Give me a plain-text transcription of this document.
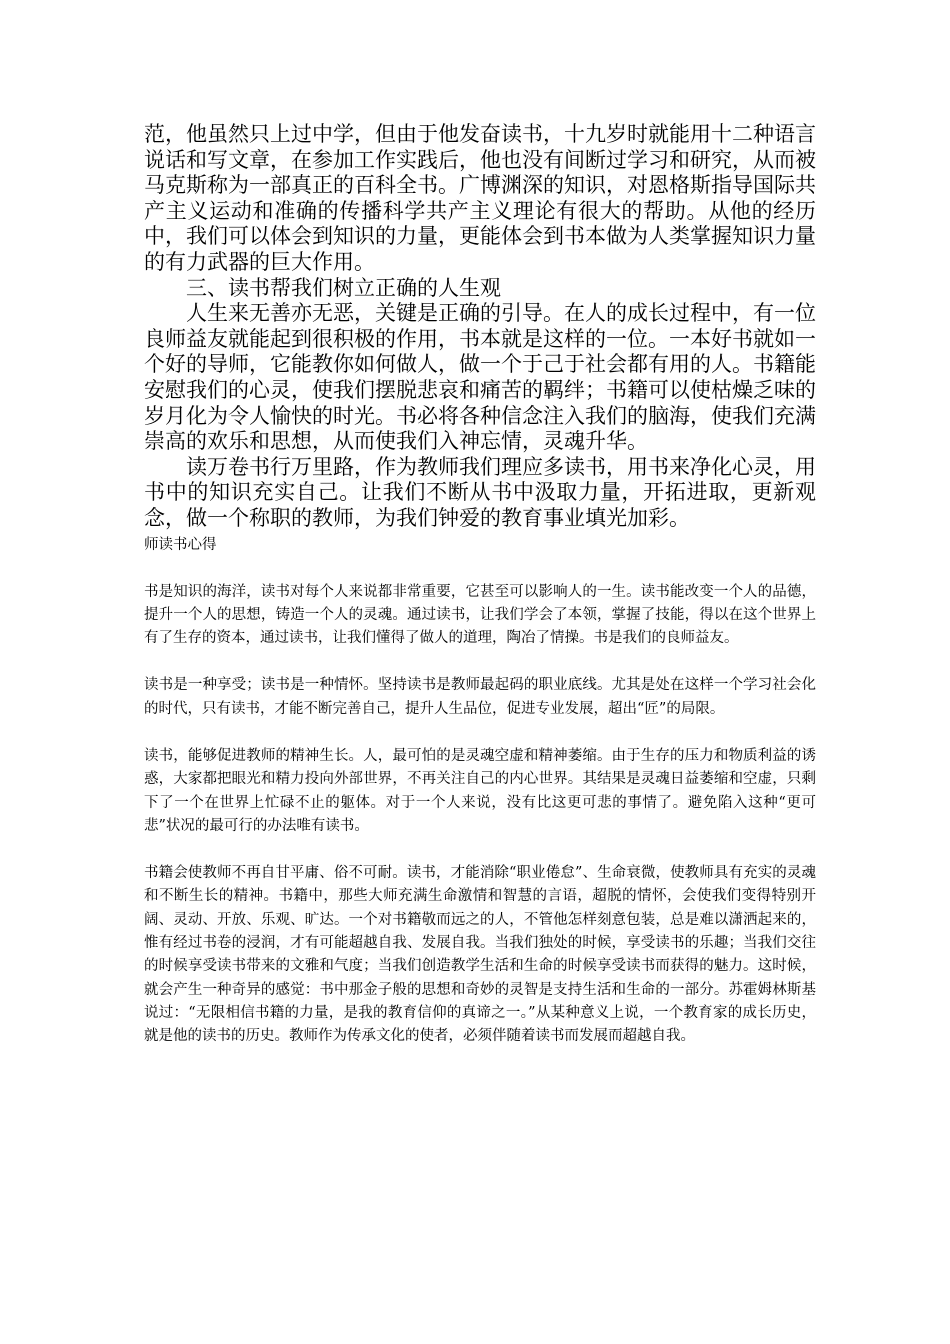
范，他虽然只上过中学，但由于他发奋读书，十九岁时就能用十二种语言说话和写文章，在参加工作实践后，他也没有间断过学习和研究，从而被马克斯称为一部真正的百科全书。广博渊深的知识，对恩格斯指导国际共产主义运动和准确的传播科学共产主义理论有很大的帮助。从他的经历中，我们可以体会到知识的力量，更能体会到书本做为人类掌握知识力量的有力武器的巨大作用。

三、读书帮我们树立正确的人生观

人生来无善亦无恶，关键是正确的引导。在人的成长过程中，有一位良师益友就能起到很积极的作用，书本就是这样的一位。一本好书就如一个好的导师，它能教你如何做人，做一个于己于社会都有用的人。书籍能安慰我们的心灵，使我们摆脱悲哀和痛苦的羁绊；书籍可以使枯燥乏味的岁月化为令人愉快的时光。书必将各种信念注入我们的脑海，使我们充满崇高的欢乐和思想，从而使我们入神忘情，灵魂升华。

读万卷书行万里路，作为教师我们理应多读书，用书来净化心灵，用书中的知识充实自己。让我们不断从书中汲取力量，开拓进取，更新观念，做一个称职的教师，为我们钟爱的教育事业填光加彩。

师读书心得

书是知识的海洋，读书对每个人来说都非常重要，它甚至可以影响人的一生。读书能改变一个人的品德，提升一个人的思想，铸造一个人的灵魂。通过读书，让我们学会了本领，掌握了技能，得以在这个世界上有了生存的资本，通过读书，让我们懂得了做人的道理，陶冶了情操。书是我们的良师益友。

读书是一种享受；读书是一种情怀。坚持读书是教师最起码的职业底线。尤其是处在这样一个学习社会化的时代，只有读书，才能不断完善自己，提升人生品位，促进专业发展，超出“匠”的局限。

读书，能够促进教师的精神生长。人，最可怕的是灵魂空虚和精神萎缩。由于生存的压力和物质利益的诱惑，大家都把眼光和精力投向外部世界，不再关注自己的内心世界。其结果是灵魂日益萎缩和空虚，只剩下了一个在世界上忙碌不止的躯体。对于一个人来说，没有比这更可悲的事情了。避免陷入这种“更可悲”状况的最可行的办法唯有读书。

书籍会使教师不再自甘平庸、俗不可耐。读书，才能消除“职业倦怠”、生命衰微，使教师具有充实的灵魂和不断生长的精神。书籍中，那些大师充满生命激情和智慧的言语，超脱的情怀，会使我们变得特别开阔、灵动、开放、乐观、旷达。一个对书籍敬而远之的人，不管他怎样刻意包装，总是难以潇洒起来的，惟有经过书卷的浸润，才有可能超越自我、发展自我。当我们独处的时候，享受读书的乐趣；当我们交往的时候享受读书带来的文雅和气度；当我们创造教学生活和生命的时候享受读书而获得的魅力。这时候，就会产生一种奇异的感觉：书中那金子般的思想和奇妙的灵智是支持生活和生命的一部分。苏霍姆林斯基说过：“无限相信书籍的力量，是我的教育信仰的真谛之一。”从某种意义上说，一个教育家的成长历史，就是他的读书的历史。教师作为传承文化的使者，必须伴随着读书而发展而超越自我。
